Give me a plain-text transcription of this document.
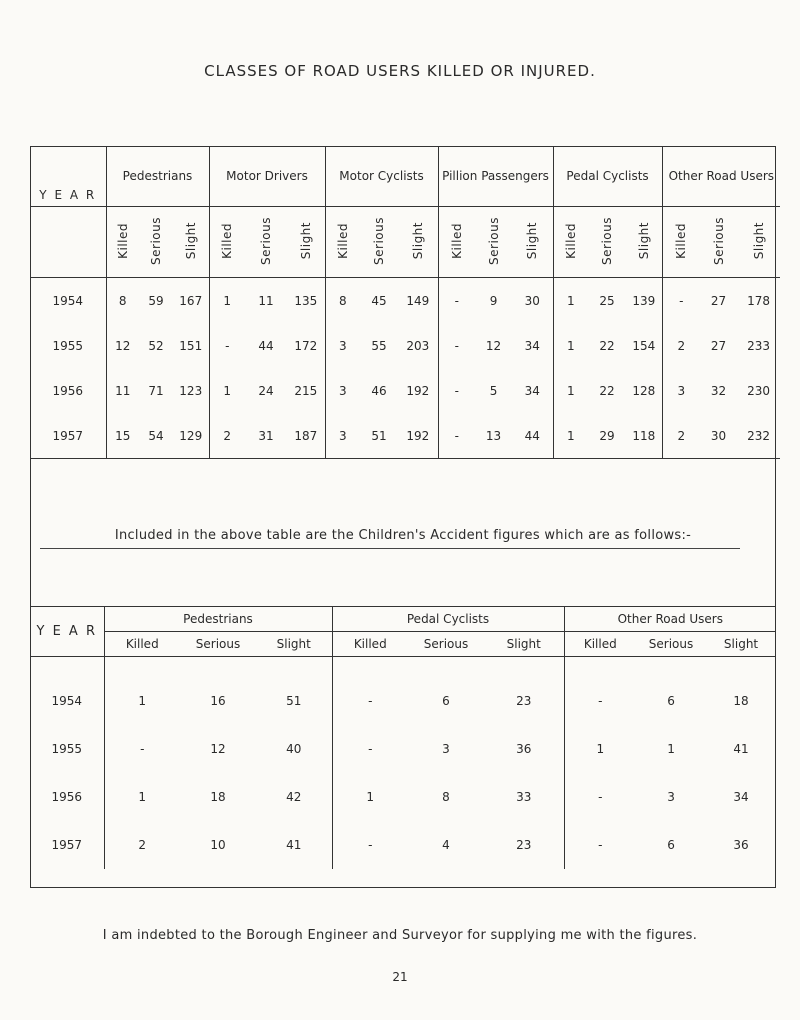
CLASSES OF ROAD USERS KILLED OR INJURED.
Y E A R	Pedestrians			Motor Drivers			Motor Cyclists			Pillion Passengers			Pedal Cyclists			Other Road Users		
	Killed	Serious	Slight	Killed	Serious	Slight	Killed	Serious	Slight	Killed	Serious	Slight	Killed	Serious	Slight	Killed	Serious	Slight
1954	8	59	167	1	11	135	8	45	149	-	9	30	1	25	139	-	27	178
1955	12	52	151	-	44	172	3	55	203	-	12	34	1	22	154	2	27	233
1956	11	71	123	1	24	215	3	46	192	-	5	34	1	22	128	3	32	230
1957	15	54	129	2	31	187	3	51	192	-	13	44	1	29	118	2	30	232
Included in the above table are the Children's Accident figures which are as follows:-
Y E A R	Pedestrians			Pedal Cyclists			Other Road Users		
	Killed	Serious	Slight	Killed	Serious	Slight	Killed	Serious	Slight

1954	1	16	51	-	6	23	-	6	18
1955	-	12	40	-	3	36	1	1	41
1956	1	18	42	1	8	33	-	3	34
1957	2	10	41	-	4	23	-	6	36
I am indebted to the Borough Engineer and Surveyor for supplying me with the figures.
21
